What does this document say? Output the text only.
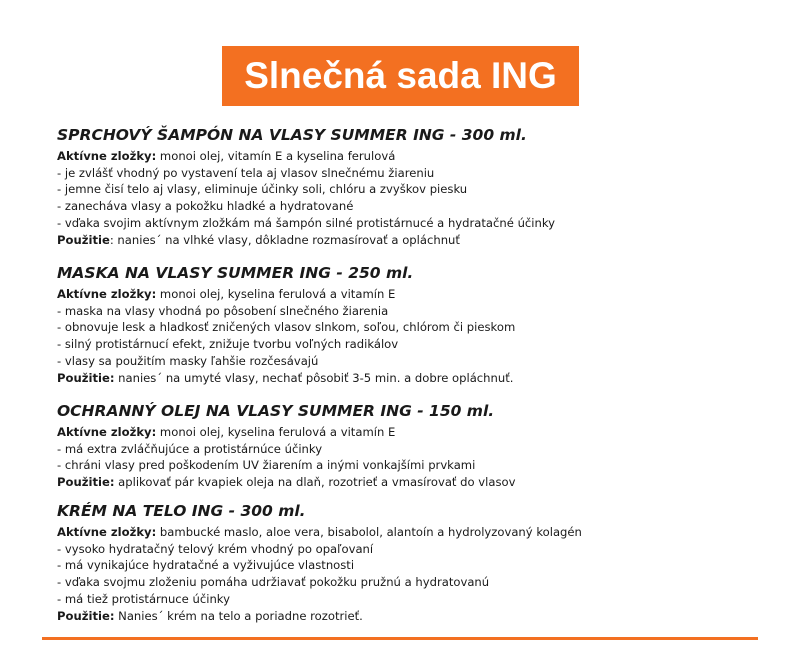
Slnečná sada ING
SPRCHOVÝ ŠAMPÓN NA VLASY SUMMER ING - 300 ml.
Aktívne zložky: monoi olej, vitamín E a kyselina ferulová
- je zvlášť vhodný po vystavení tela aj vlasov slnečnému žiareniu
- jemne čisí telo aj vlasy, eliminuje účinky soli, chlóru a zvyškov piesku
- zanecháva vlasy a pokožku hladké a hydratované
- vďaka svojim aktívnym zložkám má šampón silné protistárnucé a hydratačné účinky
Použitie: nanies´ na vlhké vlasy, dôkladne rozmasírovať a opláchnuť
MASKA NA VLASY SUMMER ING - 250 ml.
Aktívne zložky: monoi olej, kyselina ferulová a vitamín E
- maska na vlasy vhodná po pôsobení slnečného žiarenia
- obnovuje lesk a hladkosť zničených vlasov slnkom, soľou, chlórom či pieskom
- silný protistárnucí efekt, znižuje tvorbu voľných radikálov
- vlasy sa použitím masky ľahšie rozčesávajú
Použitie: nanies´ na umyté vlasy, nechať pôsobiť 3-5 min. a dobre opláchnuť.
OCHRANNÝ OLEJ NA VLASY SUMMER ING - 150 ml.
Aktívne zložky: monoi olej, kyselina ferulová a vitamín E
- má extra zvláčňujúce a protistárnúce účinky
- chráni vlasy pred poškodením UV žiarením a inými vonkajšími prvkami
Použitie: aplikovať pár kvapiek oleja na dlaň, rozotrieť a vmasírovať do vlasov
KRÉM NA TELO ING - 300 ml.
Aktívne zložky: bambucké maslo, aloe vera, bisabolol, alantoín a hydrolyzovaný kolagén
- vysoko hydratačný telový krém vhodný po opaľovaní
- má vynikajúce hydratačné a vyživujúce vlastnosti
- vďaka svojmu zloženiu pomáha udržiavať pokožku pružnú a hydratovanú
- má tiež protistárnuce účinky
Použitie: Nanies´ krém na telo a poriadne rozotrieť.
